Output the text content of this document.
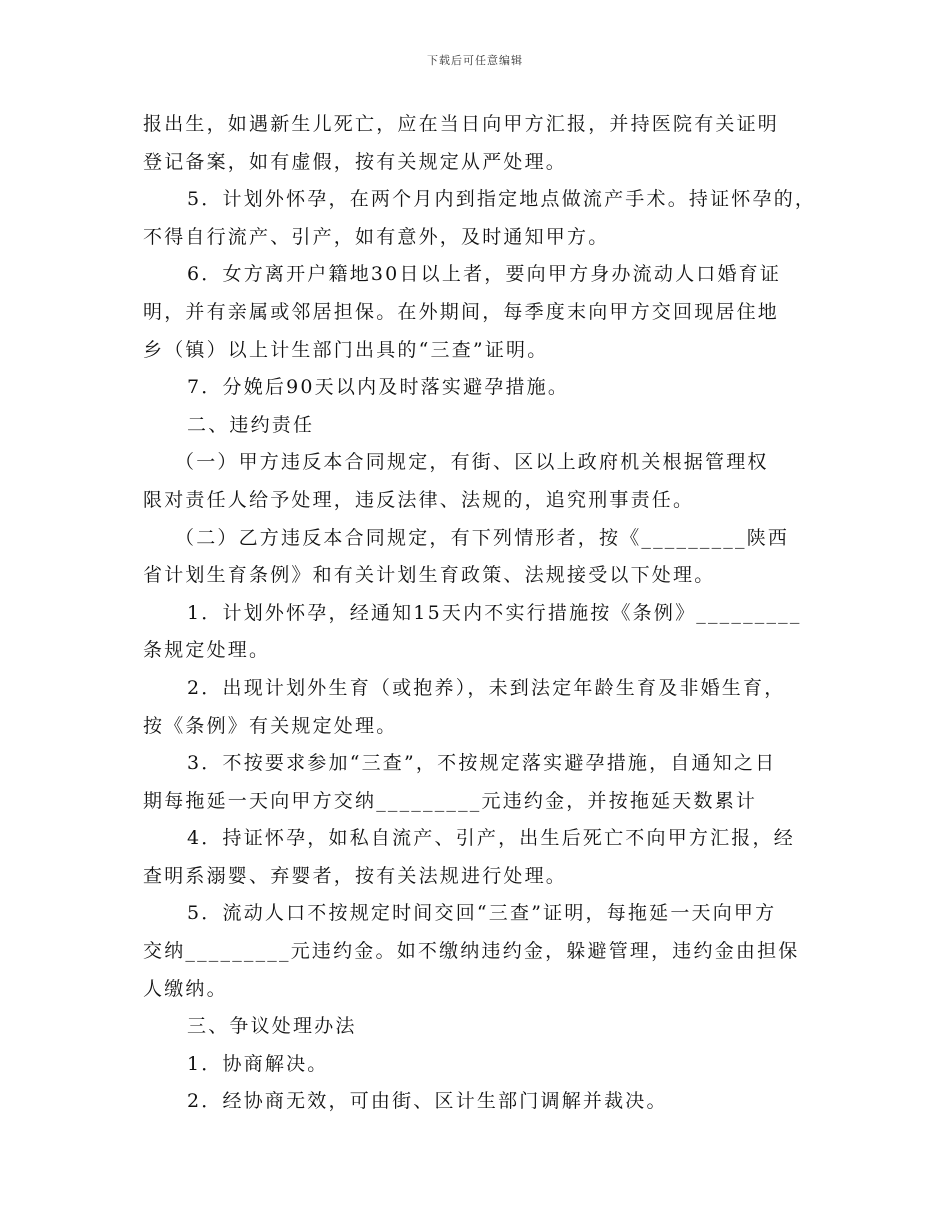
下载后可任意编辑
报出生，如遇新生儿死亡，应在当日向甲方汇报，并持医院有关证明
登记备案，如有虚假，按有关规定从严处理。
5．计划外怀孕，在两个月内到指定地点做流产手术。持证怀孕的，
不得自行流产、引产，如有意外，及时通知甲方。
6．女方离开户籍地30日以上者，要向甲方身办流动人口婚育证
明，并有亲属或邻居担保。在外期间，每季度末向甲方交回现居住地
乡（镇）以上计生部门出具的“三查”证明。
7．分娩后90天以内及时落实避孕措施。
二、违约责任
（一）甲方违反本合同规定，有街、区以上政府机关根据管理权
限对责任人给予处理，违反法律、法规的，追究刑事责任。
（二）乙方违反本合同规定，有下列情形者，按《_________陕西
省计划生育条例》和有关计划生育政策、法规接受以下处理。
1．计划外怀孕，经通知15天内不实行措施按《条例》_________
条规定处理。
2．出现计划外生育（或抱养），未到法定年龄生育及非婚生育，
按《条例》有关规定处理。
3．不按要求参加“三查”，不按规定落实避孕措施，自通知之日
期每拖延一天向甲方交纳_________元违约金，并按拖延天数累计
4．持证怀孕，如私自流产、引产，出生后死亡不向甲方汇报，经
查明系溺婴、弃婴者，按有关法规进行处理。
5．流动人口不按规定时间交回“三查”证明，每拖延一天向甲方
交纳_________元违约金。如不缴纳违约金，躲避管理，违约金由担保
人缴纳。
三、争议处理办法
1．协商解决。
2．经协商无效，可由街、区计生部门调解并裁决。
